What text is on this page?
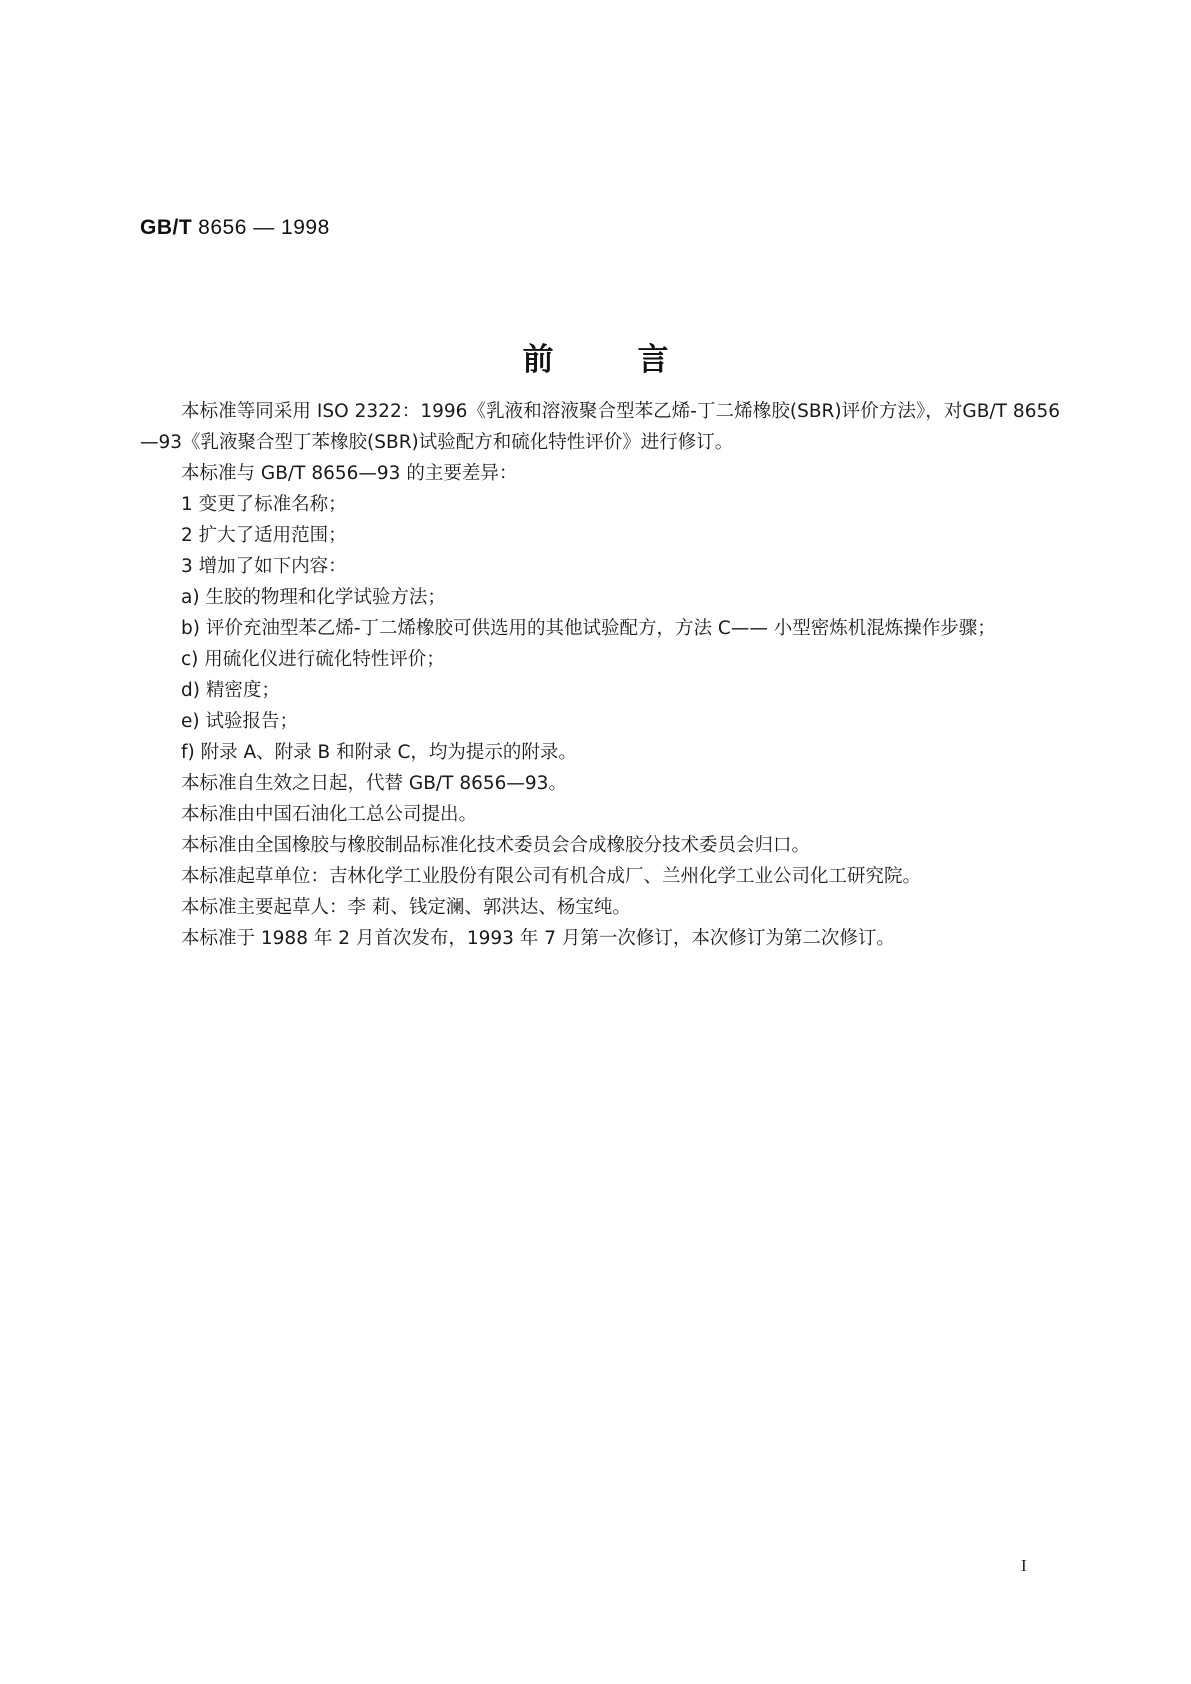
GB/T 8656 — 1998
前言

本标准等同采用 ISO 2322：1996《乳液和溶液聚合型苯乙烯-丁二烯橡胶(SBR)评价方法》，对GB/T 8656—93《乳液聚合型丁苯橡胶(SBR)试验配方和硫化特性评价》进行修订。

本标准与 GB/T 8656—93 的主要差异：

1 变更了标准名称；

2 扩大了适用范围；

3 增加了如下内容：

a) 生胶的物理和化学试验方法；

b) 评价充油型苯乙烯-丁二烯橡胶可供选用的其他试验配方，方法 C—— 小型密炼机混炼操作步骤；

c) 用硫化仪进行硫化特性评价；

d) 精密度；

e) 试验报告；

f) 附录 A、附录 B 和附录 C，均为提示的附录。

本标准自生效之日起，代替 GB/T 8656—93。

本标准由中国石油化工总公司提出。

本标准由全国橡胶与橡胶制品标准化技术委员会合成橡胶分技术委员会归口。

本标准起草单位：吉林化学工业股份有限公司有机合成厂、兰州化学工业公司化工研究院。

本标准主要起草人：李 莉、钱定澜、郭洪达、杨宝纯。

本标准于 1988 年 2 月首次发布，1993 年 7 月第一次修订，本次修订为第二次修订。

I
